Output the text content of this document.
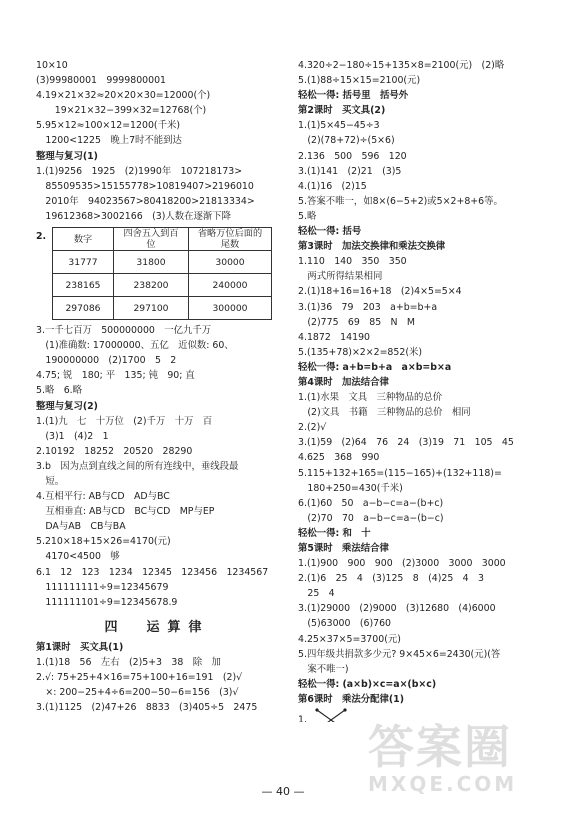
10×10
(3)99980001　9999800001
4.19×21×32≈20×20×30=12000(个)
　　19×21×32−399×32=12768(个)
5.95×12≈100×12=1200(千米)
　1200<1225　晚上7时不能到达
整理与复习(1)
1.(1)9256　1925　(2)1990年　107218173>
　85509535>15155778>10819407>2196010
　2010年　94023567>80418200>21813334>
　19612368>3002166　(3)人数在逐渐下降
2.	数字	四舍五入到百位	省略万位后面的尾数
31777	31800	30000
238165	238200	240000
297086	297100	300000
3.一千七百万　500000000　一亿九千万
　(1)准确数: 17000000、五亿　近似数: 60、
　190000000　(2)1700　5　2
4.75; 锐　180; 平　135; 钝　90; 直
5.略　6.略
整理与复习(2)
1.(1)九　七　十万位　(2)千万　十万　百
　(3)1　(4)2　1
2.10192　18252　20520　28290
3.b　因为点到直线之间的所有连线中，垂线段最
　短。
4.互相平行: AB与CD　AD与BC
　互相垂直: AB与CD　BC与CD　MP与EP
　DA与AB　CB与BA
5.210×18+15×26=4170(元)
　4170<4500　够
6.1　12　123　1234　12345　123456　1234567
　111111111÷9=12345679
　111111101÷9=12345678.9
四　运算律
第1课时　买文具(1)
1.(1)18　56　左右　(2)5+3　38　除　加
2.√: 75+25+4×16=75+100+16=191　(2)√
　×: 200−25+4÷6=200−50−6=156　(3)√
3.(1)1125　(2)47+26　8833　(3)405÷5　2475
4.320÷2−180÷15+135×8=2100(元)　(2)略
5.(1)88÷15×15=2100(元)
轻松一得: 括号里　括号外
第2课时　买文具(2)
1.(1)5×45−45÷3
　(2)(78+72)÷(5×6)
2.136　500　596　120
3.(1)141　(2)21　(3)5
4.(1)16　(2)15
5.答案不唯一，如8×(6−5+2)或5×2+8+6等。
5.略
轻松一得: 括号
第3课时　加法交换律和乘法交换律
1.110　140　350　350
　两式所得结果相同
2.(1)18+16=16+18　(2)4×5=5×4
3.(1)36　79　203　a+b=b+a
　(2)775　69　85　N　M
4.1872　14190
5.(135+78)×2×2=852(米)
轻松一得: a+b=b+a　a×b=b×a
第4课时　加法结合律
1.(1)水果　文具　三种物品的总价
　(2)文具　书籍　三种物品的总价　相同
2.(2)√
3.(1)59　(2)64　76　24　(3)19　71　105　45
4.625　368　990
5.115+132+165=(115−165)+(132+118)=
　180+250=430(千米)
6.(1)60　50　a−b−c=a−(b+c)
　(2)70　70　a−b−c=a−(b−c)
轻松一得: 和　十
第5课时　乘法结合律
1.(1)900　900　900　(2)3000　3000　3000
2.(1)6　25　4　(3)125　8　(4)25　4　3
　25　4
3.(1)29000　(2)9000　(3)12680　(4)6000
　(5)63000　(6)760
4.25×37×5=3700(元)
5.四年级共捐款多少元? 9×45×6=2430(元)(答
　案不唯一)
轻松一得: (a×b)×c=a×(b×c)
第6课时　乘法分配律(1)
1.
— 40 —
答案圈
MXQE.COM
